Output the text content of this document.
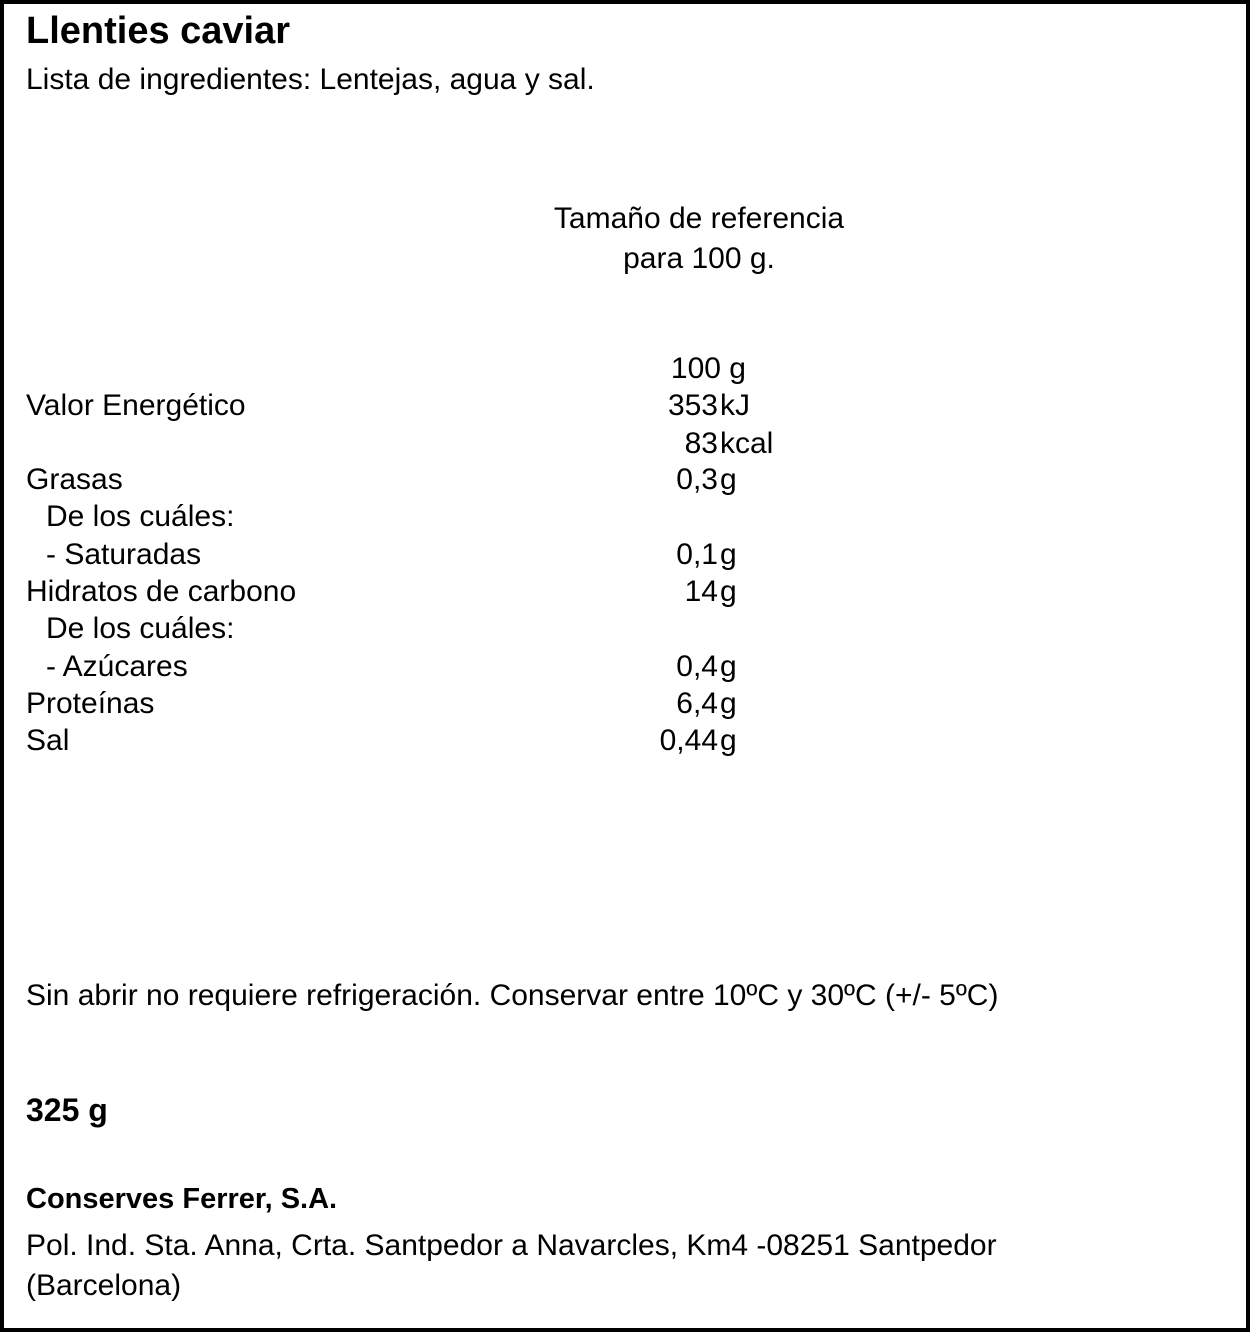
Llenties caviar
Lista de ingredientes: Lentejas, agua y sal.
Tamaño de referencia
para 100 g.
100 g
Valor Energético	353 kJ
83 kcal
Grasas	0,3 g
De los cuáles:
- Saturadas	0,1 g
Hidratos de carbono	14 g
De los cuáles:
- Azúcares	0,4 g
Proteínas	6,4 g
Sal	0,44 g
Sin abrir no requiere refrigeración. Conservar entre 10ºC y 30ºC (+/- 5ºC)
325 g
Conserves Ferrer, S.A.
Pol. Ind. Sta. Anna, Crta. Santpedor a Navarcles, Km4 -08251 Santpedor (Barcelona)
